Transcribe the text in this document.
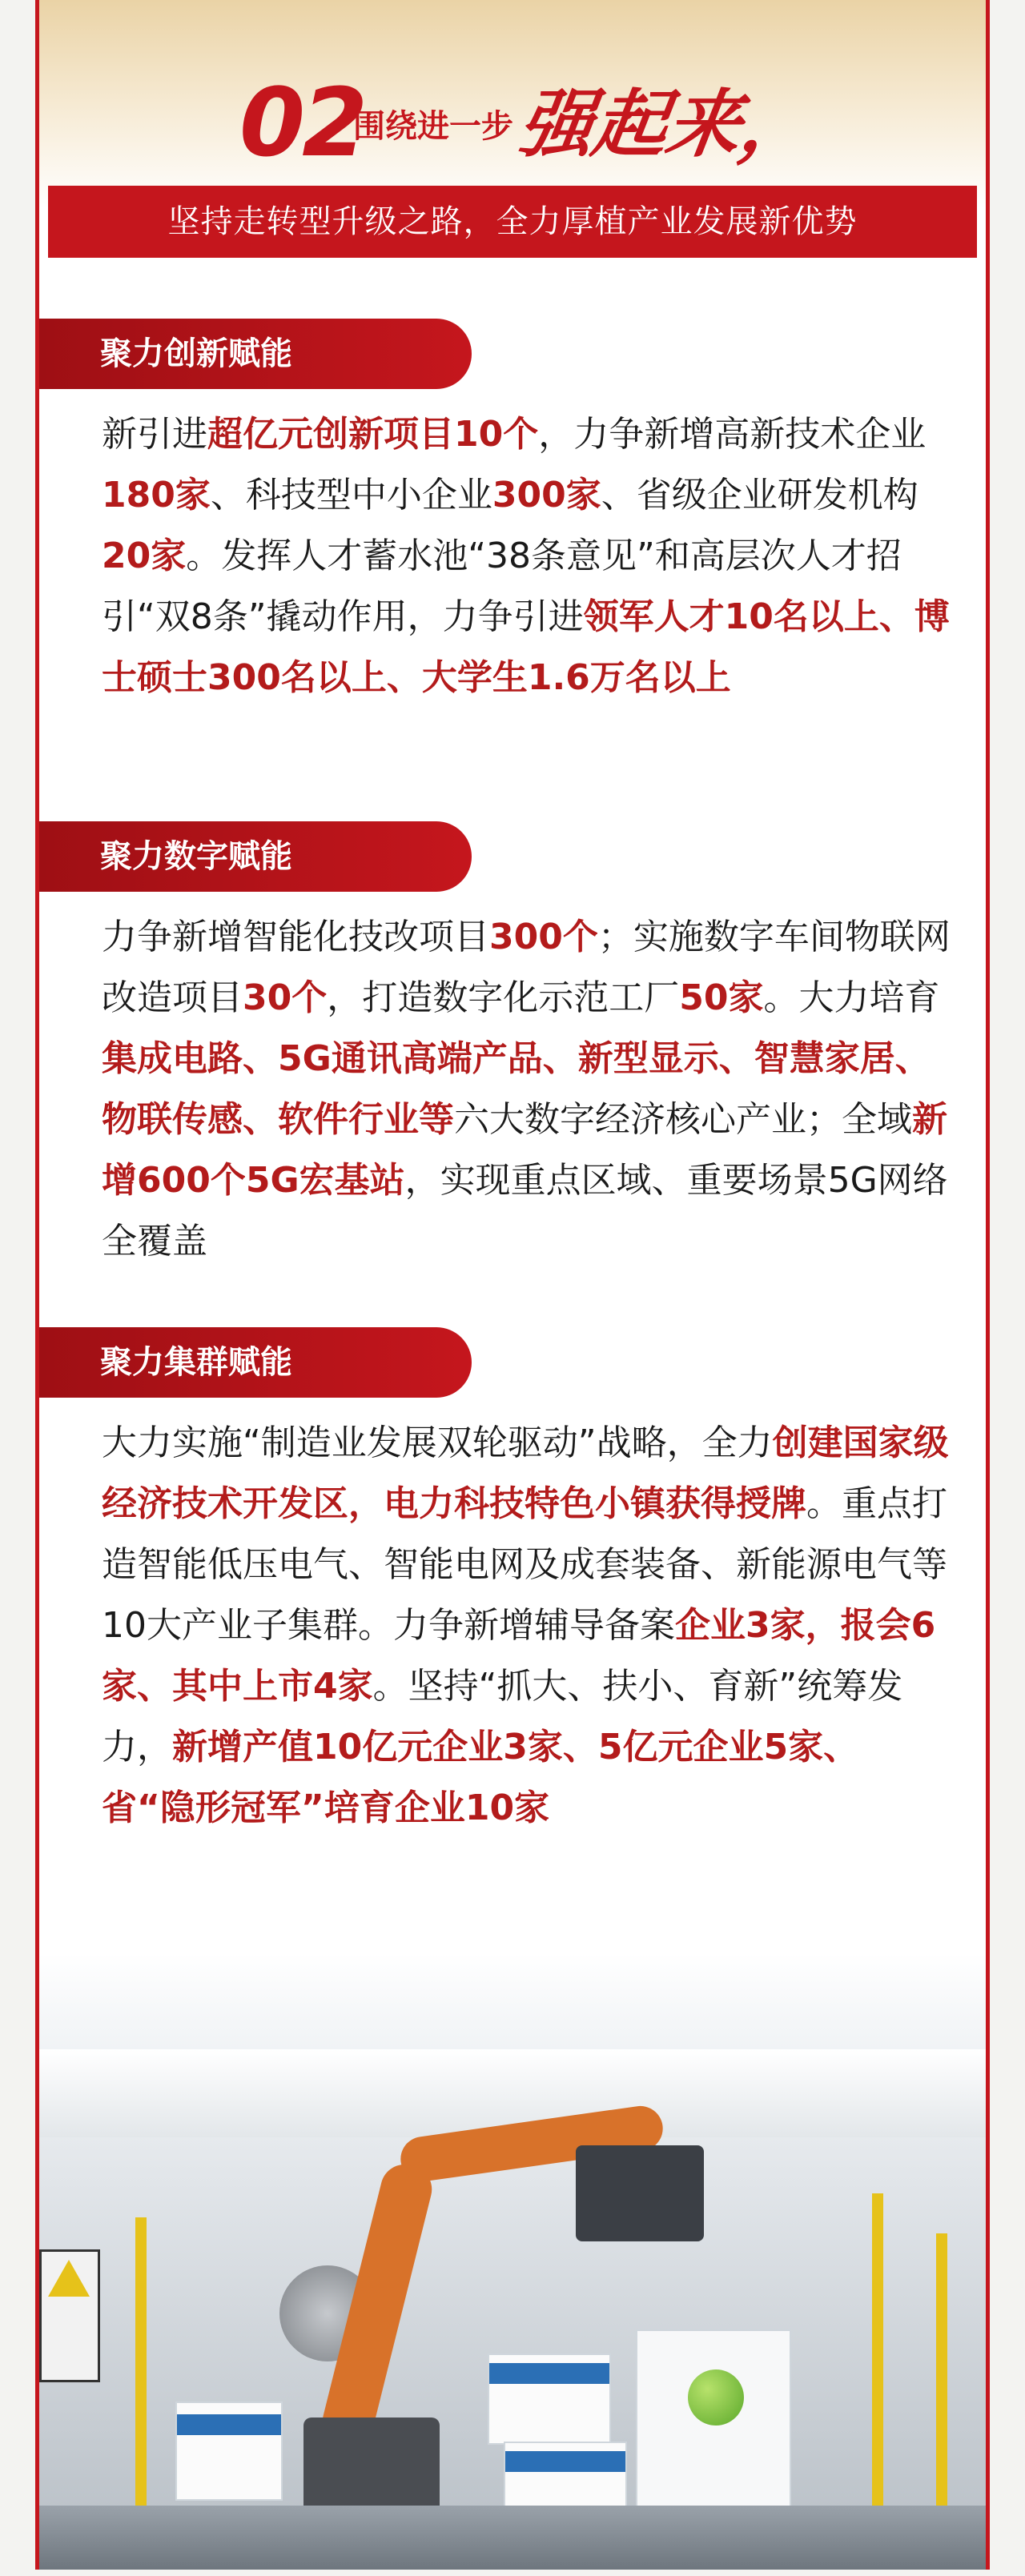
02
围绕进一步 强起来，
坚持走转型升级之路，全力厚植产业发展新优势
聚力创新赋能

新引进超亿元创新项目10个，力争新增高新技术企业180家、科技型中小企业300家、省级企业研发机构20家。发挥人才蓄水池“38条意见”和高层次人才招引“双8条”撬动作用，力争引进领军人才10名以上、博士硕士300名以上、大学生1.6万名以上

聚力数字赋能

力争新增智能化技改项目300个；实施数字车间物联网改造项目30个，打造数字化示范工厂50家。大力培育集成电路、5G通讯高端产品、新型显示、智慧家居、物联传感、软件行业等六大数字经济核心产业；全域新增600个5G宏基站，实现重点区域、重要场景5G网络全覆盖

聚力集群赋能

大力实施“制造业发展双轮驱动”战略，全力创建国家级经济技术开发区，电力科技特色小镇获得授牌。重点打造智能低压电气、智能电网及成套装备、新能源电气等10大产业子集群。力争新增辅导备案企业3家，报会6家、其中上市4家。坚持“抓大、扶小、育新”统筹发力，新增产值10亿元企业3家、5亿元企业5家、省“隐形冠军”培育企业10家
